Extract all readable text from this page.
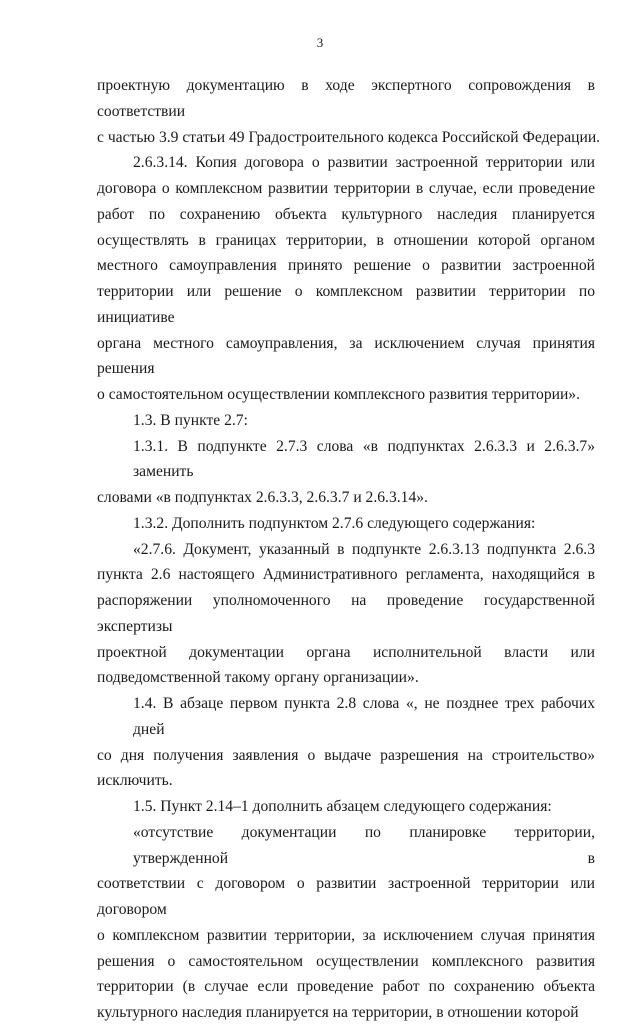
3
проектную документацию в ходе экспертного сопровождения в соответствии
с частью 3.9 статьи 49 Градостроительного кодекса Российской Федерации.
2.6.3.14. Копия договора о развитии застроенной территории или
договора о комплексном развитии территории в случае, если проведение
работ по сохранению объекта культурного наследия планируется
осуществлять в границах территории, в отношении которой органом
местного самоуправления принято решение о развитии застроенной
территории или решение о комплексном развитии территории по инициативе
органа местного самоуправления, за исключением случая принятия решения
о самостоятельном осуществлении комплексного развития территории».
1.3. В пункте 2.7:
1.3.1. В подпункте 2.7.3 слова «в подпунктах 2.6.3.3 и 2.6.3.7» заменить
словами «в подпунктах 2.6.3.3, 2.6.3.7 и 2.6.3.14».
1.3.2. Дополнить подпунктом 2.7.6 следующего содержания:
«2.7.6. Документ, указанный в подпункте 2.6.3.13 подпункта 2.6.3
пункта 2.6 настоящего Административного регламента, находящийся в
распоряжении уполномоченного на проведение государственной экспертизы
проектной документации органа исполнительной власти или
подведомственной такому органу организации».
1.4. В абзаце первом пункта 2.8 слова «, не позднее трех рабочих дней
со дня получения заявления о выдаче разрешения на строительство»
исключить.
1.5. Пункт 2.14–1 дополнить абзацем следующего содержания:
«отсутствие документации по планировке территории, утвержденной в
соответствии с договором о развитии застроенной территории или договором
о комплексном развитии территории, за исключением случая принятия
решения о самостоятельном осуществлении комплексного развития
территории (в случае если проведение работ по сохранению объекта
культурного наследия планируется на территории, в отношении которой
